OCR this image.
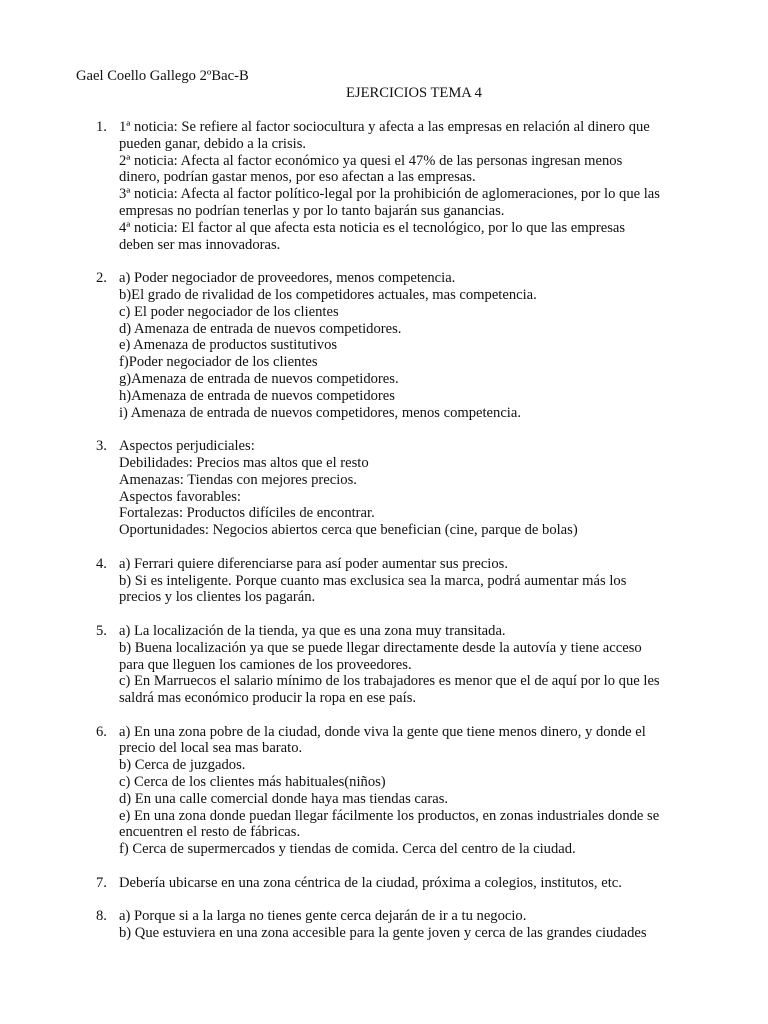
Gael Coello Gallego 2ºBac-B
EJERCICIOS TEMA 4
1. 1ª noticia: Se refiere al factor sociocultura y afecta a las empresas en relación al dinero que
pueden ganar, debido a la crisis.
2ª noticia: Afecta al factor económico ya quesi el 47% de las personas ingresan menos
dinero, podrían gastar menos, por eso afectan a las empresas.
3ª noticia: Afecta al factor político-legal por la prohibición de aglomeraciones, por lo que las
empresas no podrían tenerlas y por lo tanto bajarán sus ganancias.
4ª noticia: El factor al que afecta esta noticia es el tecnológico, por lo que las empresas
deben ser mas innovadoras.
2. a) Poder negociador de proveedores, menos competencia.
b)El grado de rivalidad de los competidores actuales, mas competencia.
c) El poder negociador de los clientes
d) Amenaza de entrada de nuevos competidores.
e) Amenaza de productos sustitutivos
f)Poder negociador de los clientes
g)Amenaza de entrada de nuevos competidores.
h)Amenaza de entrada de nuevos competidores
i) Amenaza de entrada de nuevos competidores, menos competencia.
3. Aspectos perjudiciales:
Debilidades: Precios mas altos que el resto
Amenazas: Tiendas con mejores precios.
Aspectos favorables:
Fortalezas: Productos difíciles de encontrar.
Oportunidades: Negocios abiertos cerca que benefician (cine, parque de bolas)
4. a) Ferrari quiere diferenciarse para así poder aumentar sus precios.
b) Si es inteligente. Porque cuanto mas exclusica sea la marca, podrá aumentar más los
precios y los clientes los pagarán.
5. a) La localización de la tienda, ya que es una zona muy transitada.
b) Buena localización ya que se puede llegar directamente desde la autovía y tiene acceso
para que lleguen los camiones de los proveedores.
c) En Marruecos el salario mínimo de los trabajadores es menor que el de aquí por lo que les
saldrá mas económico producir la ropa en ese país.
6. a) En una zona pobre de la ciudad, donde viva la gente que tiene menos dinero, y donde el
precio del local sea mas barato.
b) Cerca de juzgados.
c) Cerca de los clientes más habituales(niños)
d) En una calle comercial donde haya mas tiendas caras.
e) En una zona donde puedan llegar fácilmente los productos, en zonas industriales donde se
encuentren el resto de fábricas.
f) Cerca de supermercados y tiendas de comida. Cerca del centro de la ciudad.
7. Debería ubicarse en una zona céntrica de la ciudad, próxima a colegios, institutos, etc.
8. a) Porque si a la larga no tienes gente cerca dejarán de ir a tu negocio.
b) Que estuviera en una zona accesible para la gente joven y cerca de las grandes ciudades
